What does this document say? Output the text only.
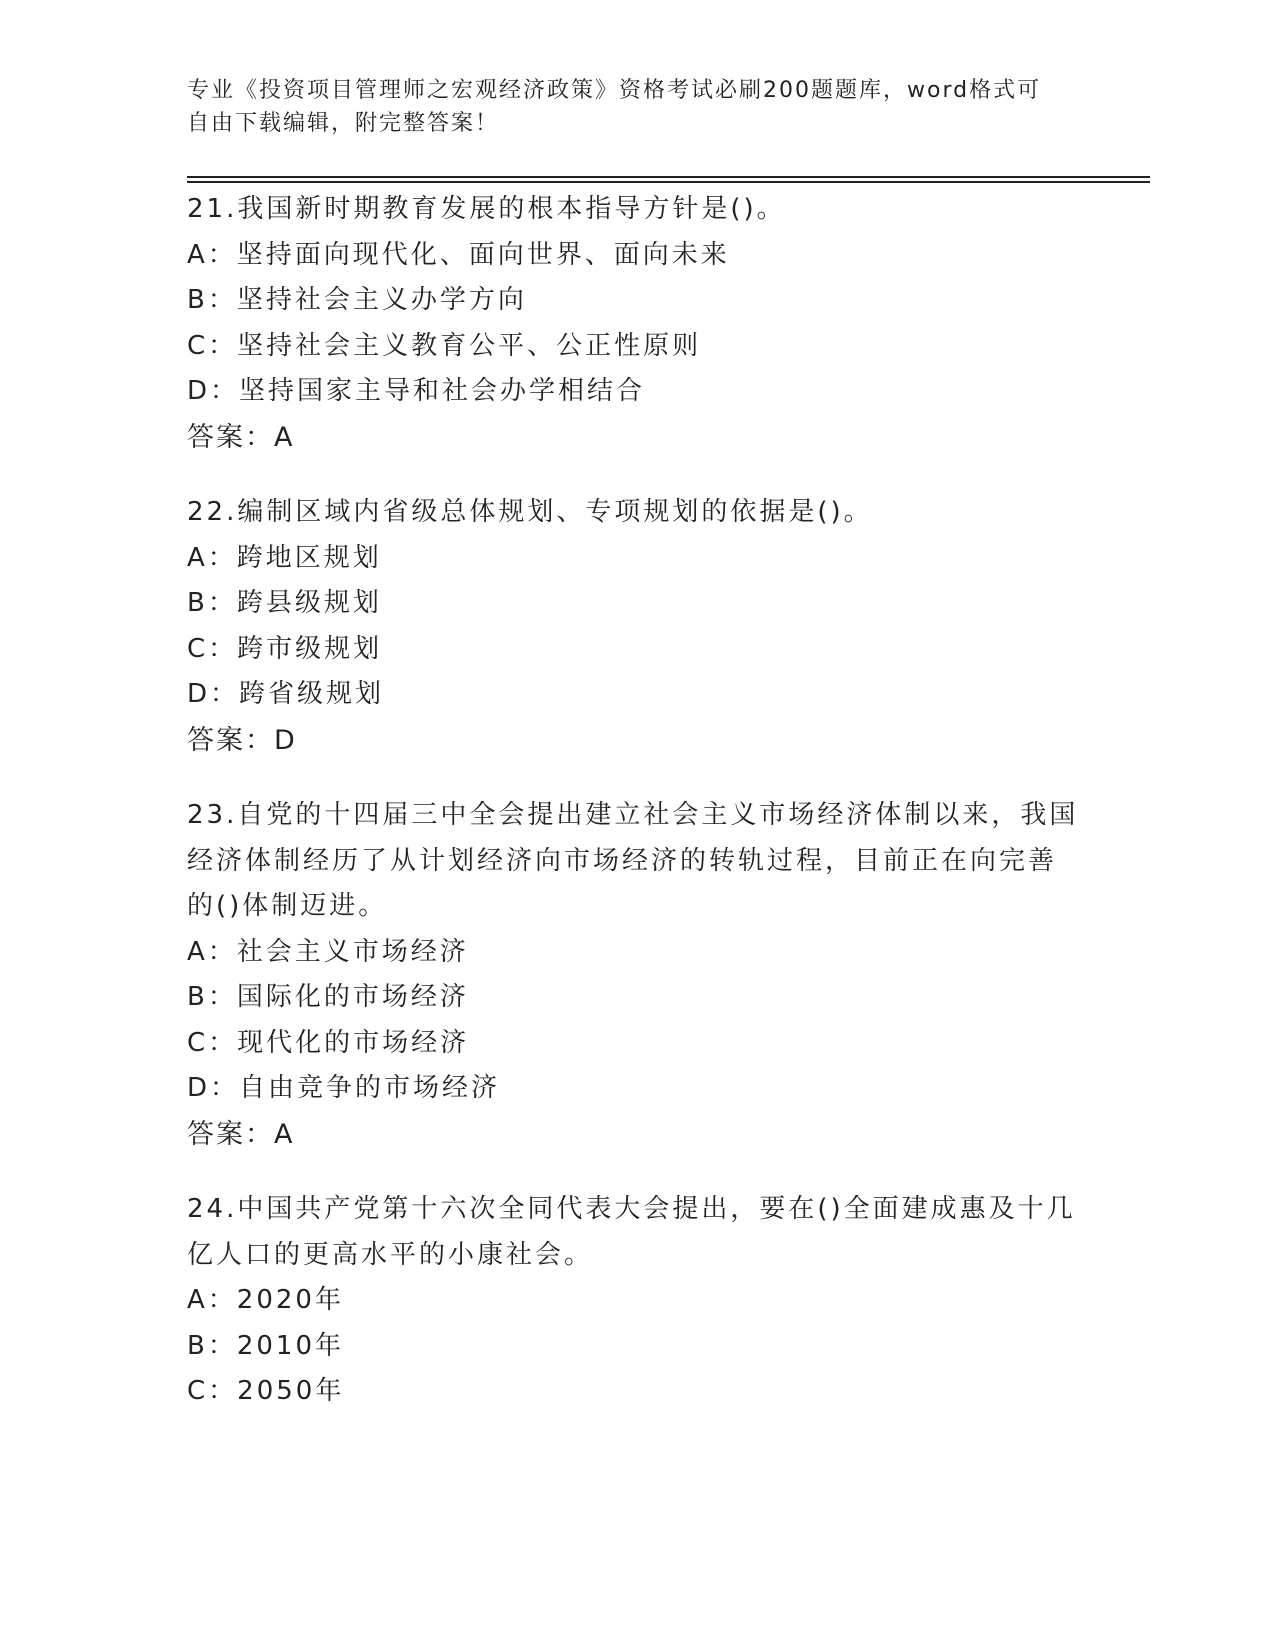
专业《投资项目管理师之宏观经济政策》资格考试必刷200题题库，word格式可
自由下载编辑，附完整答案！
21.我国新时期教育发展的根本指导方针是()。
A：坚持面向现代化、面向世界、面向未来
B：坚持社会主义办学方向
C：坚持社会主义教育公平、公正性原则
D：坚持国家主导和社会办学相结合
答案：A
22.编制区域内省级总体规划、专项规划的依据是()。
A：跨地区规划
B：跨县级规划
C：跨市级规划
D：跨省级规划
答案：D
23.自党的十四届三中全会提出建立社会主义市场经济体制以来，我国
经济体制经历了从计划经济向市场经济的转轨过程，目前正在向完善
的()体制迈进。
A：社会主义市场经济
B：国际化的市场经济
C：现代化的市场经济
D：自由竞争的市场经济
答案：A
24.中国共产党第十六次全同代表大会提出，要在()全面建成惠及十几
亿人口的更高水平的小康社会。
A：2020年
B：2010年
C：2050年
